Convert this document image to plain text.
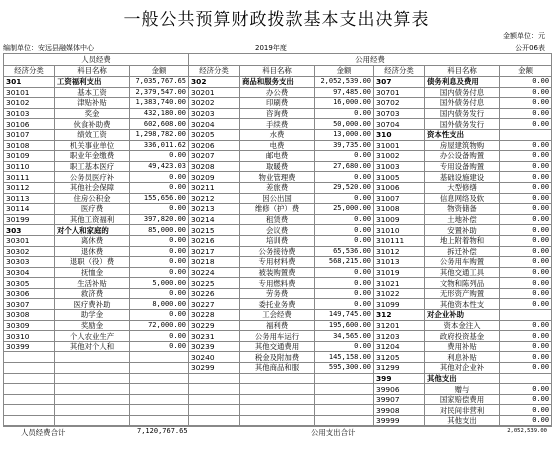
一般公共预算财政拨款基本支出决算表
金额单位：元
编制单位：安远县融媒体中心	2019年度	公开06表
人员经费			公用经费					
经济分类	科目名称	金额	经济分类	科目名称	金额	经济分类	科目名称	金额
301	工资福利支出	7,035,767.65	302	商品和服务支出	2,052,539.00	307	债务利息及费用	0.00
30101	基本工资	2,379,547.00	30201	办公费	97,485.00	30701	国内债务付息	0.00
30102	津贴补贴	1,383,740.00	30202	印刷费	16,000.00	30702	国外债务付息	0.00
30103	奖金	432,180.00	30203	咨询费	0.00	30703	国内债务发行	0.00
30106	伙食补助费	602,608.00	30204	手续费	50,000.00	30704	国外债务发行	0.00
30107	绩效工资	1,298,782.00	30205	水费	13,000.00	310	资本性支出	
30108	机关事业单位	336,011.62	30206	电费	39,735.00	31001	房屋建筑物购	0.00
30109	职业年金缴费	0.00	30207	邮电费	0.00	31002	办公设备购置	0.00
30110	职工基本医疗	49,423.03	30208	取暖费	27,680.00	31003	专用设备购置	0.00
30111	公务员医疗补	0.00	30209	物业管理费	0.00	31005	基础设施建设	0.00
30112	其他社会保障	0.00	30211	差旅费	29,520.00	31006	大型修缮	0.00
30113	住房公积金	155,656.00	30212	因公出国	0.00	31007	信息网络及软	0.00
30114	医疗费	0.00	30213	维修（护）费	25,000.00	31008	物资储备	0.00
30199	其他工资福利	397,820.00	30214	租赁费	0.00	31009	土地补偿	0.00
303	对个人和家庭的	85,000.00	30215	会议费	0.00	31010	安置补助	0.00
30301	离休费	0.00	30216	培训费	0.00	310111	地上附着物和	0.00
30302	退休费	0.00	30217	公务接待费	65,536.00	31012	拆迁补偿	0.00
30303	退职（役）费	0.00	30218	专用材料费	568,215.00	31013	公务用车购置	0.00
30304	抚恤金	0.00	30224	被装购置费	0.00	31019	其他交通工具	0.00
30305	生活补贴	5,000.00	30225	专用燃料费	0.00	31021	文物和陈列品	0.00
30306	救济费	0.00	30226	劳务费	0.00	31022	无形资产购置	0.00
30307	医疗费补助	8,000.00	30227	委托业务费	0.00	31099	其他资本性支	0.00
30308	助学金	0.00	30228	工会经费	149,745.00	312	对企业补助	
30309	奖励金	72,000.00	30229	福利费	195,600.00	31201	资本金注入	0.00
30310	个人农业生产	0.00	30231	公务用车运行	34,565.00	31203	政府投资基金	0.00
30399	其他对个人和	0.00	30239	其他交通费用	0.00	31204	费用补贴	0.00
			30240	税金及附加费	145,158.00	31205	利息补贴	0.00
			30299	其他商品和服	595,300.00	31299	其他对企业补	0.00
						399	其他支出	
						39906	赠与	0.00
						39907	国家赔偿费用	0.00
						39908	对民间非营利	0.00
						39999	其他支出	0.00
人员经费合计	7,120,767.65	公用支出合计	2,052,539.00
